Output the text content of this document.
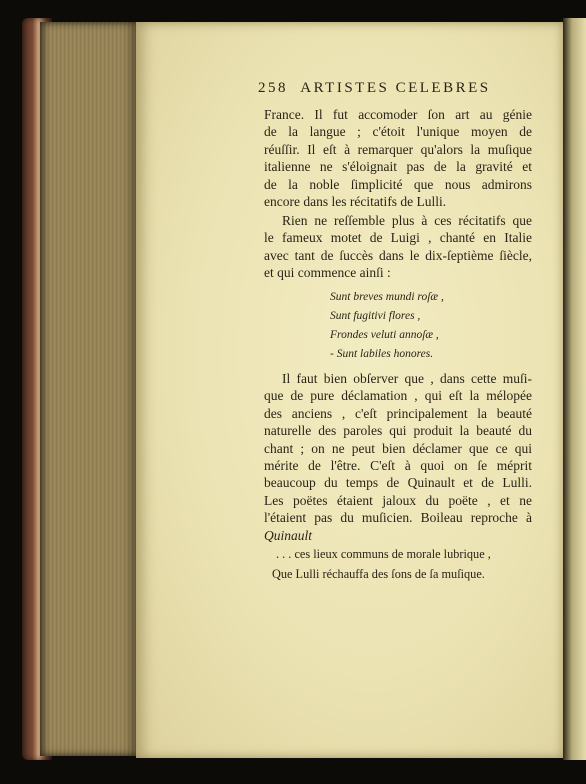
258 ARTISTES CELEBRES
France. Il fut accomoder ſon art au génie
de la langue ; c'étoit l'unique moyen de
réuſſir. Il eſt à remarquer qu'alors la muſique
italienne ne s'éloignait pas de la gravité et
de la noble ſimplicité que nous admirons
encore dans les récitatifs de Lulli.
Rien ne reſſemble plus à ces récitatifs que
le fameux motet de Luigi , chanté en Italie
avec tant de ſuccès dans le dix-ſeptième ſiècle,
et qui commence ainſi :
Sunt breves mundi roſæ ,
Sunt fugitivi flores ,
Frondes veluti annoſæ ,
- Sunt labiles honores.
Il faut bien obſerver que , dans cette muſi-
que de pure déclamation , qui eſt la mélopée
des anciens , c'eſt principalement la beauté
naturelle des paroles qui produit la beauté du
chant ; on ne peut bien déclamer que ce qui
mérite de l'être. C'eſt à quoi on ſe méprit
beaucoup du temps de Quinault et de Lulli.
Les poëtes étaient jaloux du poëte , et ne
l'étaient pas du muſicien. Boileau reproche à
Quinault
. . . ces lieux communs de morale lubrique ,
Que Lulli réchauffa des ſons de ſa muſique.
